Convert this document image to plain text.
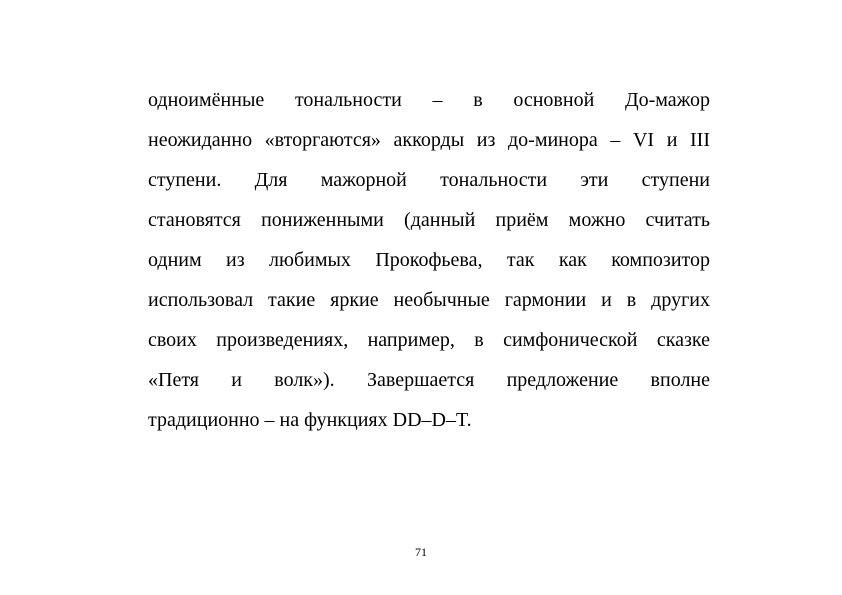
одноимённые тональности – в основной До-мажор
неожиданно «вторгаются» аккорды из до-минора – VI и III
ступени. Для мажорной тональности эти ступени
становятся пониженными (данный приём можно считать
одним из любимых Прокофьева, так как композитор
использовал такие яркие необычные гармонии и в других
своих произведениях, например, в симфонической сказке
«Петя и волк»). Завершается предложение вполне
традиционно – на функциях DD–D–T.
71
